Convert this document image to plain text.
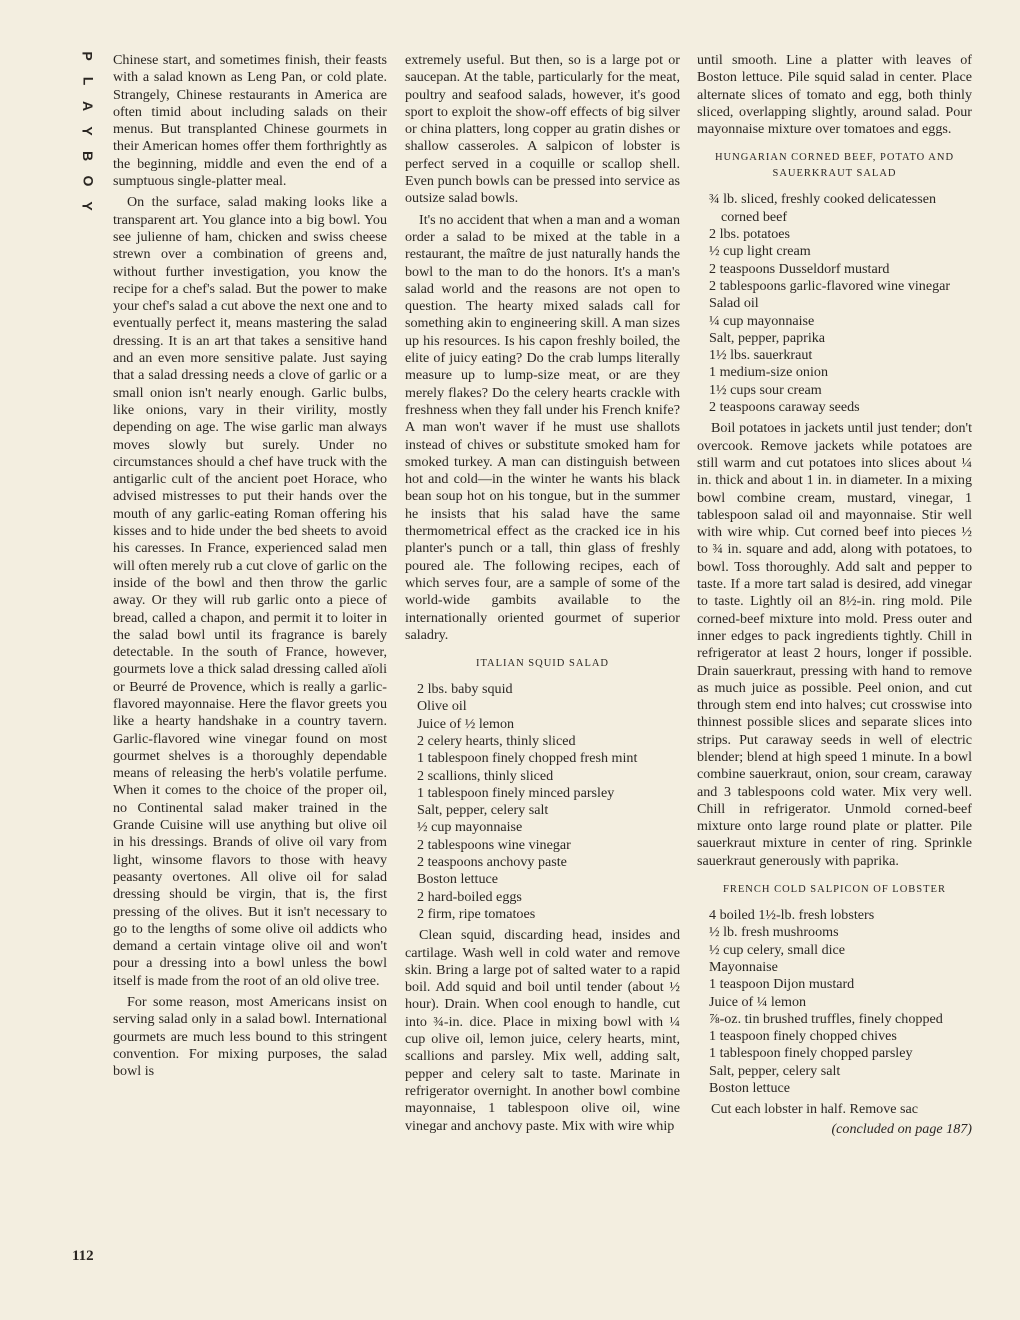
P
L
A
Y
B
O
Y
112

Chinese start, and sometimes finish, their feasts with a salad known as Leng Pan, or cold plate. Strangely, Chinese restaurants in America are often timid about including salads on their menus. But transplanted Chinese gourmets in their American homes offer them forthrightly as the beginning, middle and even the end of a sumptuous single-platter meal.

On the surface, salad making looks like a transparent art. You glance into a big bowl. You see julienne of ham, chicken and swiss cheese strewn over a combination of greens and, without further investigation, you know the recipe for a chef's salad. But the power to make your chef's salad a cut above the next one and to eventually perfect it, means mastering the salad dressing. It is an art that takes a sensitive hand and an even more sensitive palate. Just saying that a salad dressing needs a clove of garlic or a small onion isn't nearly enough. Garlic bulbs, like onions, vary in their virility, mostly depending on age. The wise garlic man always moves slowly but surely. Under no circumstances should a chef have truck with the antigarlic cult of the ancient poet Horace, who advised mistresses to put their hands over the mouth of any garlic-eating Roman offering his kisses and to hide under the bed sheets to avoid his caresses. In France, experienced salad men will often merely rub a cut clove of garlic on the inside of the bowl and then throw the garlic away. Or they will rub garlic onto a piece of bread, called a chapon, and permit it to loiter in the salad bowl until its fragrance is barely detectable. In the south of France, however, gourmets love a thick salad dressing called aïoli or Beurré de Provence, which is really a garlic-flavored mayonnaise. Here the flavor greets you like a hearty handshake in a country tavern. Garlic-flavored wine vinegar found on most gourmet shelves is a thoroughly dependable means of releasing the herb's volatile perfume. When it comes to the choice of the proper oil, no Continental salad maker trained in the Grande Cuisine will use anything but olive oil in his dressings. Brands of olive oil vary from light, winsome flavors to those with heavy peasanty overtones. All olive oil for salad dressing should be virgin, that is, the first pressing of the olives. But it isn't necessary to go to the lengths of some olive oil addicts who demand a certain vintage olive oil and won't pour a dressing into a bowl unless the bowl itself is made from the root of an old olive tree.

For some reason, most Americans insist on serving salad only in a salad bowl. International gourmets are much less bound to this stringent convention. For mixing purposes, the salad bowl is

extremely useful. But then, so is a large pot or saucepan. At the table, particularly for the meat, poultry and seafood salads, however, it's good sport to exploit the show-off effects of big silver or china platters, long copper au gratin dishes or shallow casseroles. A salpicon of lobster is perfect served in a coquille or scallop shell. Even punch bowls can be pressed into service as outsize salad bowls.

It's no accident that when a man and a woman order a salad to be mixed at the table in a restaurant, the maître de just naturally hands the bowl to the man to do the honors. It's a man's salad world and the reasons are not open to question. The hearty mixed salads call for something akin to engineering skill. A man sizes up his resources. Is his capon freshly boiled, the elite of juicy eating? Do the crab lumps literally measure up to lump-size meat, or are they merely flakes? Do the celery hearts crackle with freshness when they fall under his French knife? A man won't waver if he must use shallots instead of chives or substitute smoked ham for smoked turkey. A man can distinguish between hot and cold—in the winter he wants his black bean soup hot on his tongue, but in the summer he insists that his salad have the same thermometrical effect as the cracked ice in his planter's punch or a tall, thin glass of freshly poured ale. The following recipes, each of which serves four, are a sample of some of the world-wide gambits available to the internationally oriented gourmet of superior saladry.

ITALIAN SQUID SALAD
2 lbs. baby squid
Olive oil
Juice of ½ lemon
2 celery hearts, thinly sliced
1 tablespoon finely chopped fresh mint
2 scallions, thinly sliced
1 tablespoon finely minced parsley
Salt, pepper, celery salt
½ cup mayonnaise
2 tablespoons wine vinegar
2 teaspoons anchovy paste
Boston lettuce
2 hard-boiled eggs
2 firm, ripe tomatoes

Clean squid, discarding head, insides and cartilage. Wash well in cold water and remove skin. Bring a large pot of salted water to a rapid boil. Add squid and boil until tender (about ½ hour). Drain. When cool enough to handle, cut into ¾-in. dice. Place in mixing bowl with ¼ cup olive oil, lemon juice, celery hearts, mint, scallions and parsley. Mix well, adding salt, pepper and celery salt to taste. Marinate in refrigerator overnight. In another bowl combine mayonnaise, 1 tablespoon olive oil, wine vinegar and anchovy paste. Mix with wire whip

until smooth. Line a platter with leaves of Boston lettuce. Pile squid salad in center. Place alternate slices of tomato and egg, both thinly sliced, overlapping slightly, around salad. Pour mayonnaise mixture over tomatoes and eggs.

HUNGARIAN CORNED BEEF, POTATO AND SAUERKRAUT SALAD
¾ lb. sliced, freshly cooked delicatessen corned beef
2 lbs. potatoes
½ cup light cream
2 teaspoons Dusseldorf mustard
2 tablespoons garlic-flavored wine vinegar
Salad oil
¼ cup mayonnaise
Salt, pepper, paprika
1½ lbs. sauerkraut
1 medium-size onion
1½ cups sour cream
2 teaspoons caraway seeds

Boil potatoes in jackets until just tender; don't overcook. Remove jackets while potatoes are still warm and cut potatoes into slices about ¼ in. thick and about 1 in. in diameter. In a mixing bowl combine cream, mustard, vinegar, 1 tablespoon salad oil and mayonnaise. Stir well with wire whip. Cut corned beef into pieces ½ to ¾ in. square and add, along with potatoes, to bowl. Toss thoroughly. Add salt and pepper to taste. If a more tart salad is desired, add vinegar to taste. Lightly oil an 8½-in. ring mold. Pile corned-beef mixture into mold. Press outer and inner edges to pack ingredients tightly. Chill in refrigerator at least 2 hours, longer if possible. Drain sauerkraut, pressing with hand to remove as much juice as possible. Peel onion, and cut through stem end into halves; cut crosswise into thinnest possible slices and separate slices into strips. Put caraway seeds in well of electric blender; blend at high speed 1 minute. In a bowl combine sauerkraut, onion, sour cream, caraway and 3 tablespoons cold water. Mix very well. Chill in refrigerator. Unmold corned-beef mixture onto large round plate or platter. Pile sauerkraut mixture in center of ring. Sprinkle sauerkraut generously with paprika.

FRENCH COLD SALPICON OF LOBSTER
4 boiled 1½-lb. fresh lobsters
½ lb. fresh mushrooms
½ cup celery, small dice
Mayonnaise
1 teaspoon Dijon mustard
Juice of ¼ lemon
⅞-oz. tin brushed truffles, finely chopped
1 teaspoon finely chopped chives
1 tablespoon finely chopped parsley
Salt, pepper, celery salt
Boston lettuce

Cut each lobster in half. Remove sac

(concluded on page 187)
